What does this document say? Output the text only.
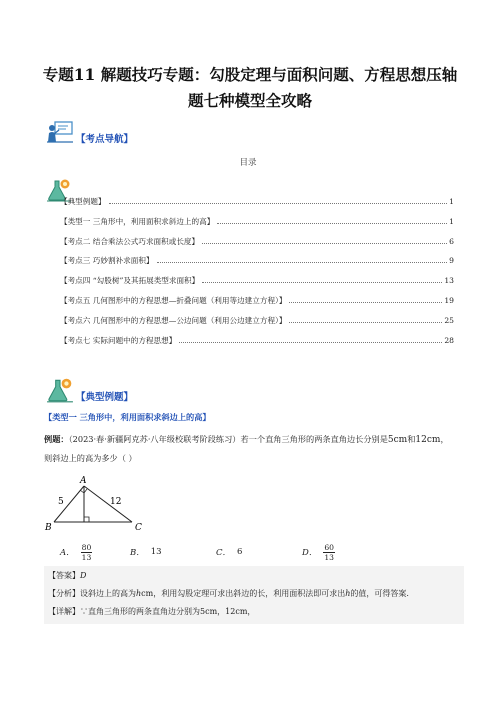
专题11 解题技巧专题：勾股定理与面积问题、方程思想压轴
题七种模型全攻略
【考点导航】
目录
【典型例题】	1
【类型一 三角形中，利用面积求斜边上的高】	1
【考点二 结合乘法公式巧求面积或长度】	6
【考点三 巧妙割补求面积】	9
【考点四 “勾股树”及其拓展类型求面积】	13
【考点五 几何图形中的方程思想—折叠问题（利用等边建立方程）】	19
【考点六 几何图形中的方程思想—公边问题（利用公边建立方程）】	25
【考点七 实际问题中的方程思想】	28
【典型例题】
【类型一 三角形中，利用面积求斜边上的高】
例题：（2023·春·新疆阿克苏·八年级校联考阶段练习）若一个直角三角形的两条直角边长分别是5cm和12cm，
则斜边上的高为多少（ ）
A
B	C
5	12
A． $\frac{80}{13}$	B． 13	C． 6	D． $\frac{60}{13}$
【答案】D
【分析】设斜边上的高为hcm，利用勾股定理可求出斜边的长，利用面积法即可求出h的值，可得答案.
【详解】∵直角三角形的两条直角边分别为5cm，12cm，
